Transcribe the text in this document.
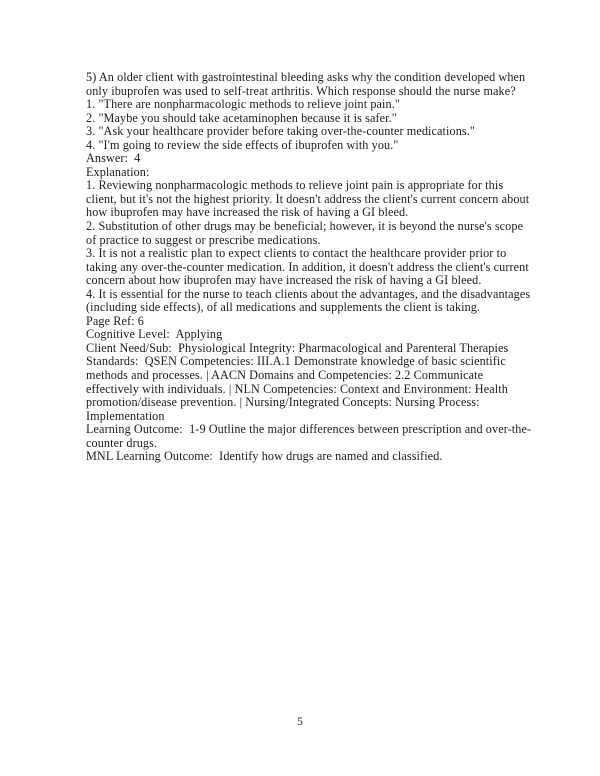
5) An older client with gastrointestinal bleeding asks why the condition developed when
only ibuprofen was used to self-treat arthritis. Which response should the nurse make?
1. "There are nonpharmacologic methods to relieve joint pain."
2. "Maybe you should take acetaminophen because it is safer."
3. "Ask your healthcare provider before taking over-the-counter medications."
4. "I'm going to review the side effects of ibuprofen with you."
Answer:  4
Explanation:
1. Reviewing nonpharmacologic methods to relieve joint pain is appropriate for this
client, but it's not the highest priority. It doesn't address the client's current concern about
how ibuprofen may have increased the risk of having a GI bleed.
2. Substitution of other drugs may be beneficial; however, it is beyond the nurse's scope
of practice to suggest or prescribe medications.
3. It is not a realistic plan to expect clients to contact the healthcare provider prior to
taking any over-the-counter medication. In addition, it doesn't address the client's current
concern about how ibuprofen may have increased the risk of having a GI bleed.
4. It is essential for the nurse to teach clients about the advantages, and the disadvantages
(including side effects), of all medications and supplements the client is taking.
Page Ref: 6
Cognitive Level:  Applying
Client Need/Sub:  Physiological Integrity: Pharmacological and Parenteral Therapies
Standards:  QSEN Competencies: III.A.1 Demonstrate knowledge of basic scientific
methods and processes. | AACN Domains and Competencies: 2.2 Communicate
effectively with individuals. | NLN Competencies: Context and Environment: Health
promotion/disease prevention. | Nursing/Integrated Concepts: Nursing Process:
Implementation
Learning Outcome:  1-9 Outline the major differences between prescription and over-the-
counter drugs.
MNL Learning Outcome:  Identify how drugs are named and classified.
5
